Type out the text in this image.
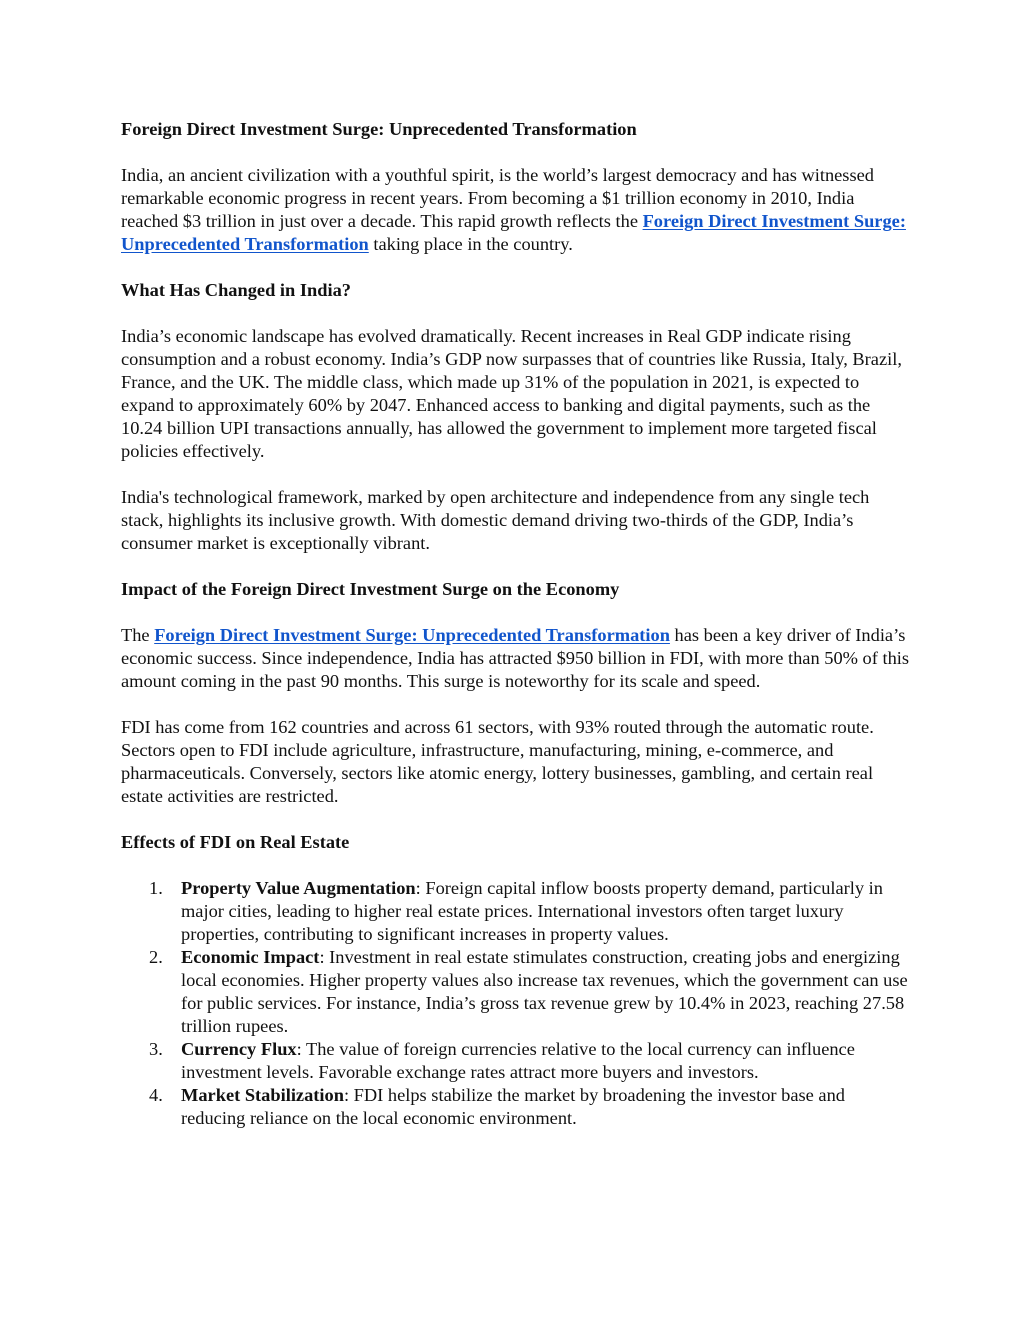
Foreign Direct Investment Surge: Unprecedented Transformation

India, an ancient civilization with a youthful spirit, is the world’s largest democracy and has witnessed remarkable economic progress in recent years. From becoming a $1 trillion economy in 2010, India reached $3 trillion in just over a decade. This rapid growth reflects the Foreign Direct Investment Surge: Unprecedented Transformation taking place in the country.

What Has Changed in India?

India’s economic landscape has evolved dramatically. Recent increases in Real GDP indicate rising consumption and a robust economy. India’s GDP now surpasses that of countries like Russia, Italy, Brazil, France, and the UK. The middle class, which made up 31% of the population in 2021, is expected to expand to approximately 60% by 2047. Enhanced access to banking and digital payments, such as the 10.24 billion UPI transactions annually, has allowed the government to implement more targeted fiscal policies effectively.

India's technological framework, marked by open architecture and independence from any single tech stack, highlights its inclusive growth. With domestic demand driving two-thirds of the GDP, India’s consumer market is exceptionally vibrant.

Impact of the Foreign Direct Investment Surge on the Economy

The Foreign Direct Investment Surge: Unprecedented Transformation has been a key driver of India’s economic success. Since independence, India has attracted $950 billion in FDI, with more than 50% of this amount coming in the past 90 months. This surge is noteworthy for its scale and speed.

FDI has come from 162 countries and across 61 sectors, with 93% routed through the automatic route. Sectors open to FDI include agriculture, infrastructure, manufacturing, mining, e-commerce, and pharmaceuticals. Conversely, sectors like atomic energy, lottery businesses, gambling, and certain real estate activities are restricted.

Effects of FDI on Real Estate
1. Property Value Augmentation: Foreign capital inflow boosts property demand, particularly in major cities, leading to higher real estate prices. International investors often target luxury properties, contributing to significant increases in property values.
2. Economic Impact: Investment in real estate stimulates construction, creating jobs and energizing local economies. Higher property values also increase tax revenues, which the government can use for public services. For instance, India’s gross tax revenue grew by 10.4% in 2023, reaching 27.58 trillion rupees.
3. Currency Flux: The value of foreign currencies relative to the local currency can influence investment levels. Favorable exchange rates attract more buyers and investors.
4. Market Stabilization: FDI helps stabilize the market by broadening the investor base and reducing reliance on the local economic environment.
